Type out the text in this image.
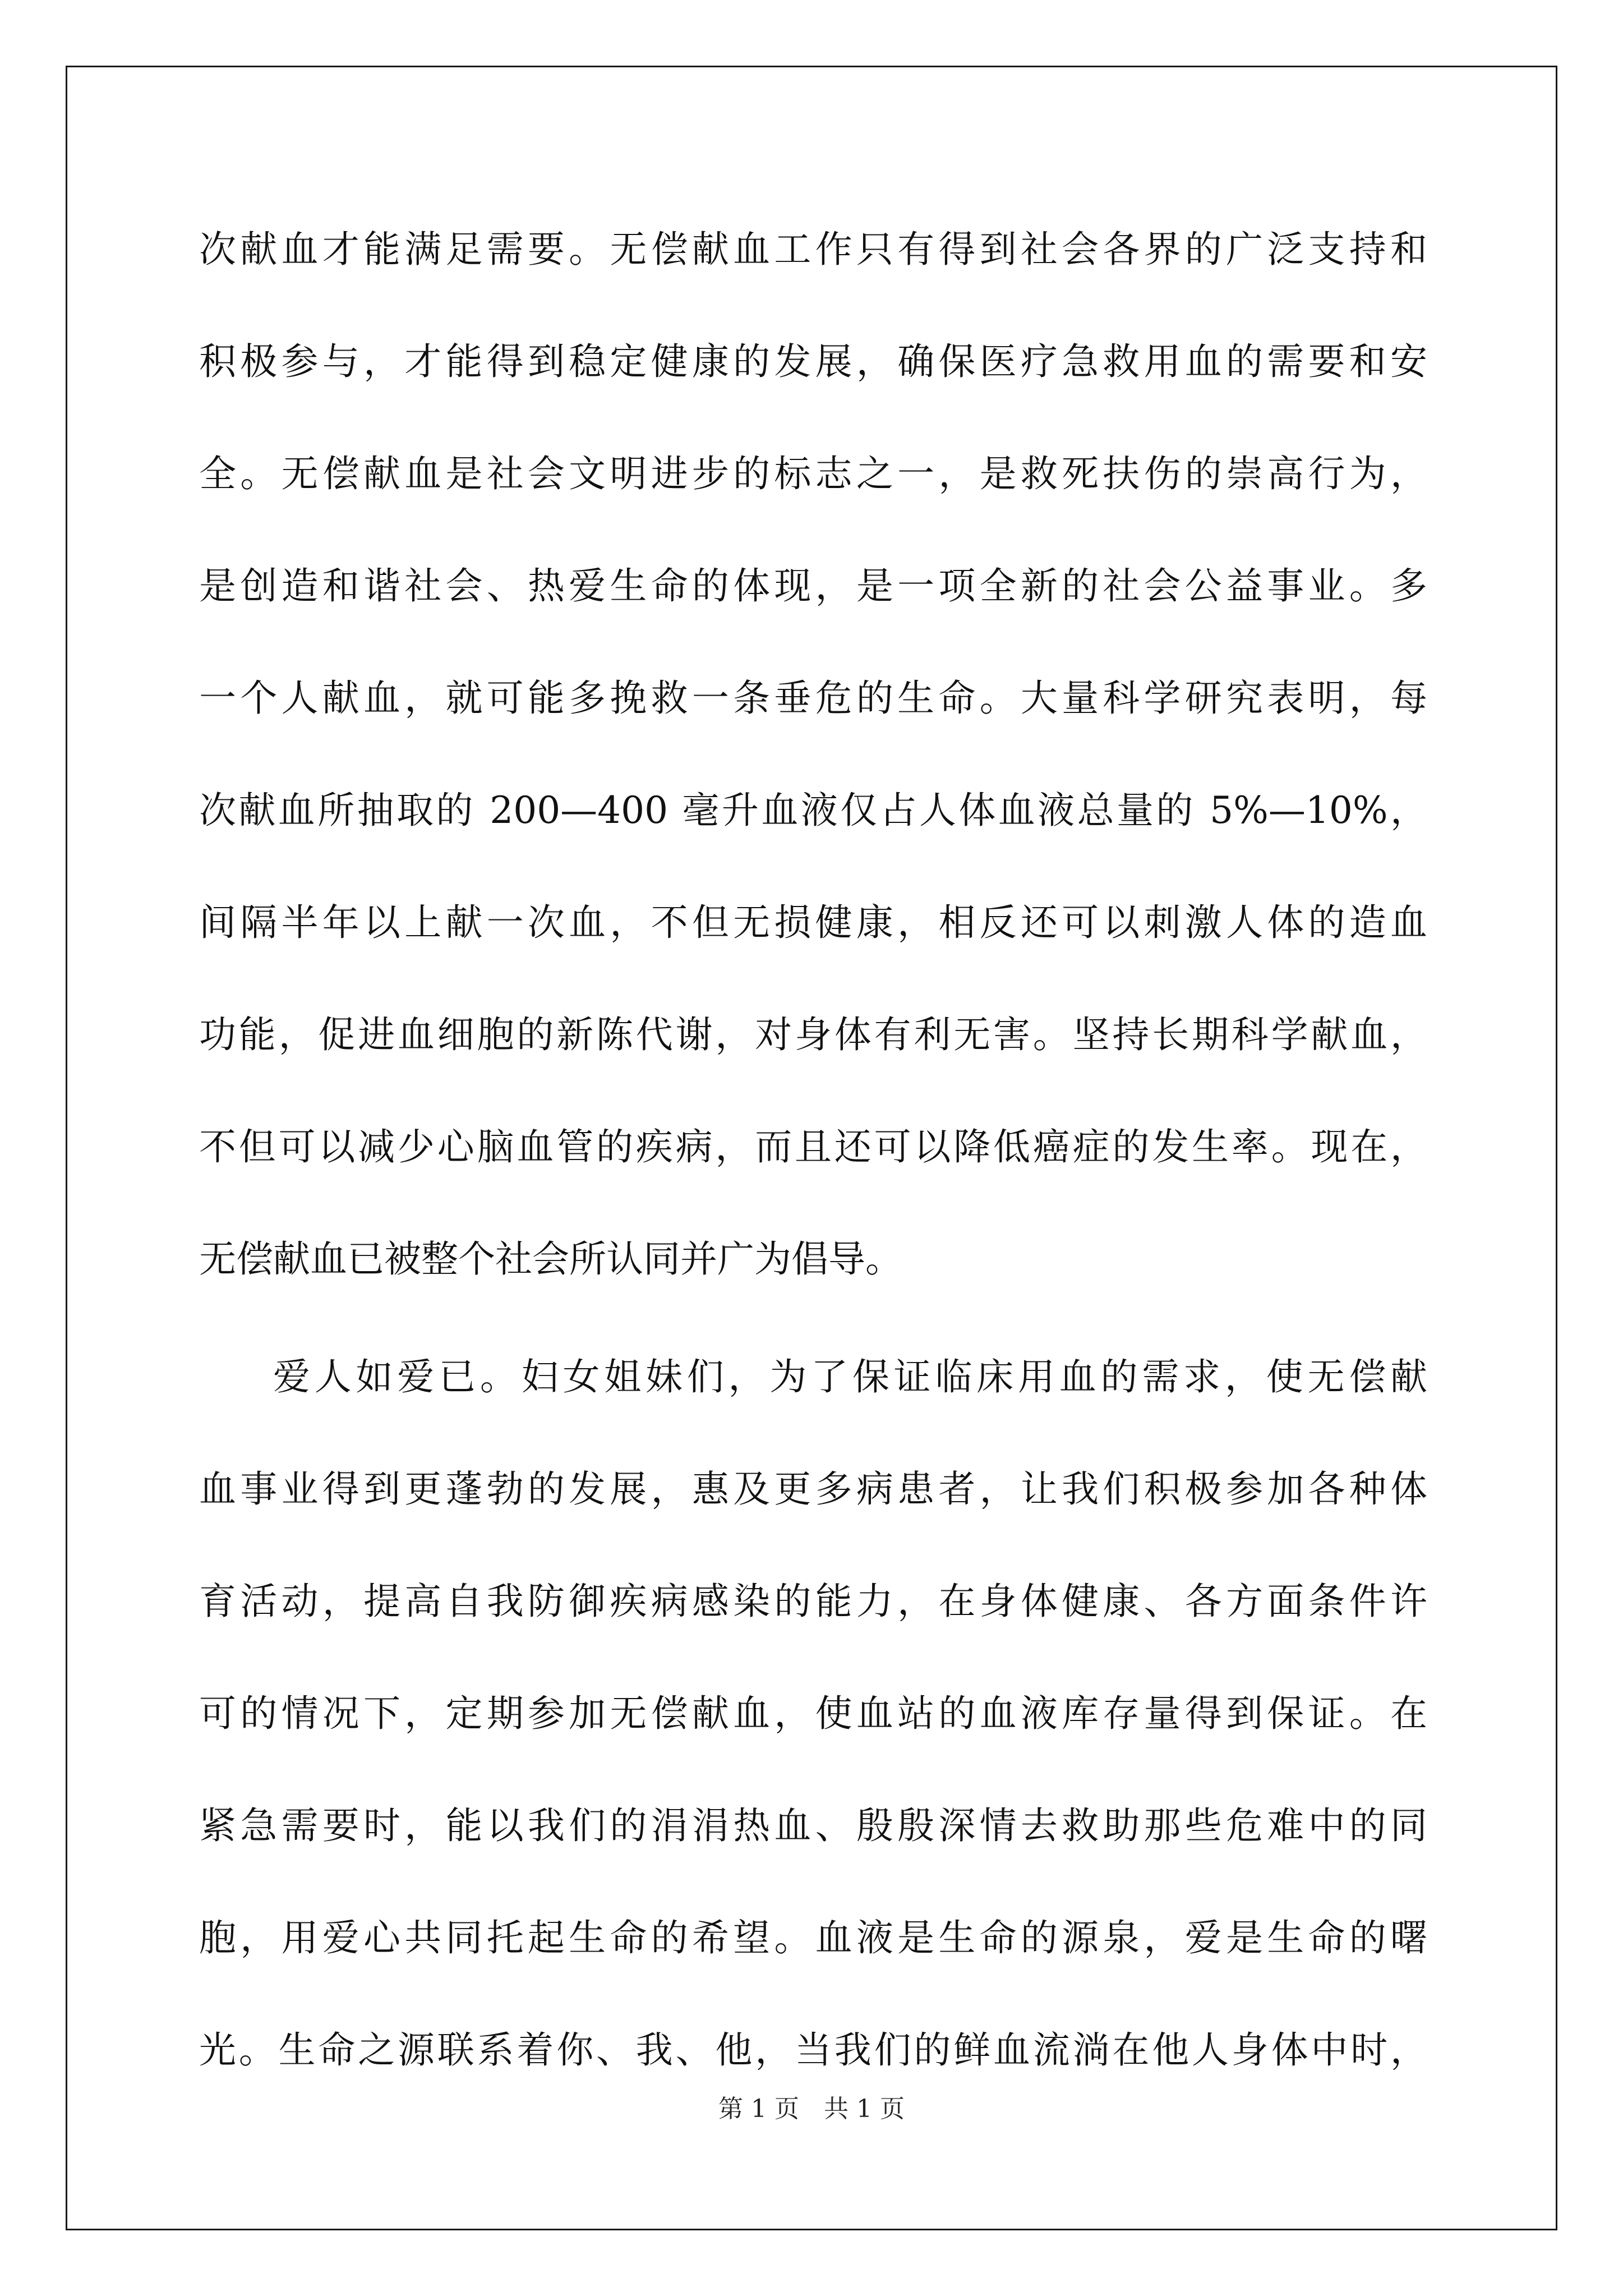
次献血才能满足需要。无偿献血工作只有得到社会各界的广泛支持和
积极参与，才能得到稳定健康的发展，确保医疗急救用血的需要和安
全。无偿献血是社会文明进步的标志之一，是救死扶伤的崇高行为，
是创造和谐社会、热爱生命的体现，是一项全新的社会公益事业。多
一个人献血，就可能多挽救一条垂危的生命。大量科学研究表明，每
次献血所抽取的 200—400 毫升血液仅占人体血液总量的 5%—10%，
间隔半年以上献一次血，不但无损健康，相反还可以刺激人体的造血
功能，促进血细胞的新陈代谢，对身体有利无害。坚持长期科学献血，
不但可以减少心脑血管的疾病，而且还可以降低癌症的发生率。现在，
无偿献血已被整个社会所认同并广为倡导。
爱人如爱已。妇女姐妹们，为了保证临床用血的需求，使无偿献
血事业得到更蓬勃的发展，惠及更多病患者，让我们积极参加各种体
育活动，提高自我防御疾病感染的能力，在身体健康、各方面条件许
可的情况下，定期参加无偿献血，使血站的血液库存量得到保证。在
紧急需要时，能以我们的涓涓热血、殷殷深情去救助那些危难中的同
胞，用爱心共同托起生命的希望。血液是生命的源泉，爱是生命的曙
光。生命之源联系着你、我、他，当我们的鲜血流淌在他人身体中时，
第 1 页　共 1 页
